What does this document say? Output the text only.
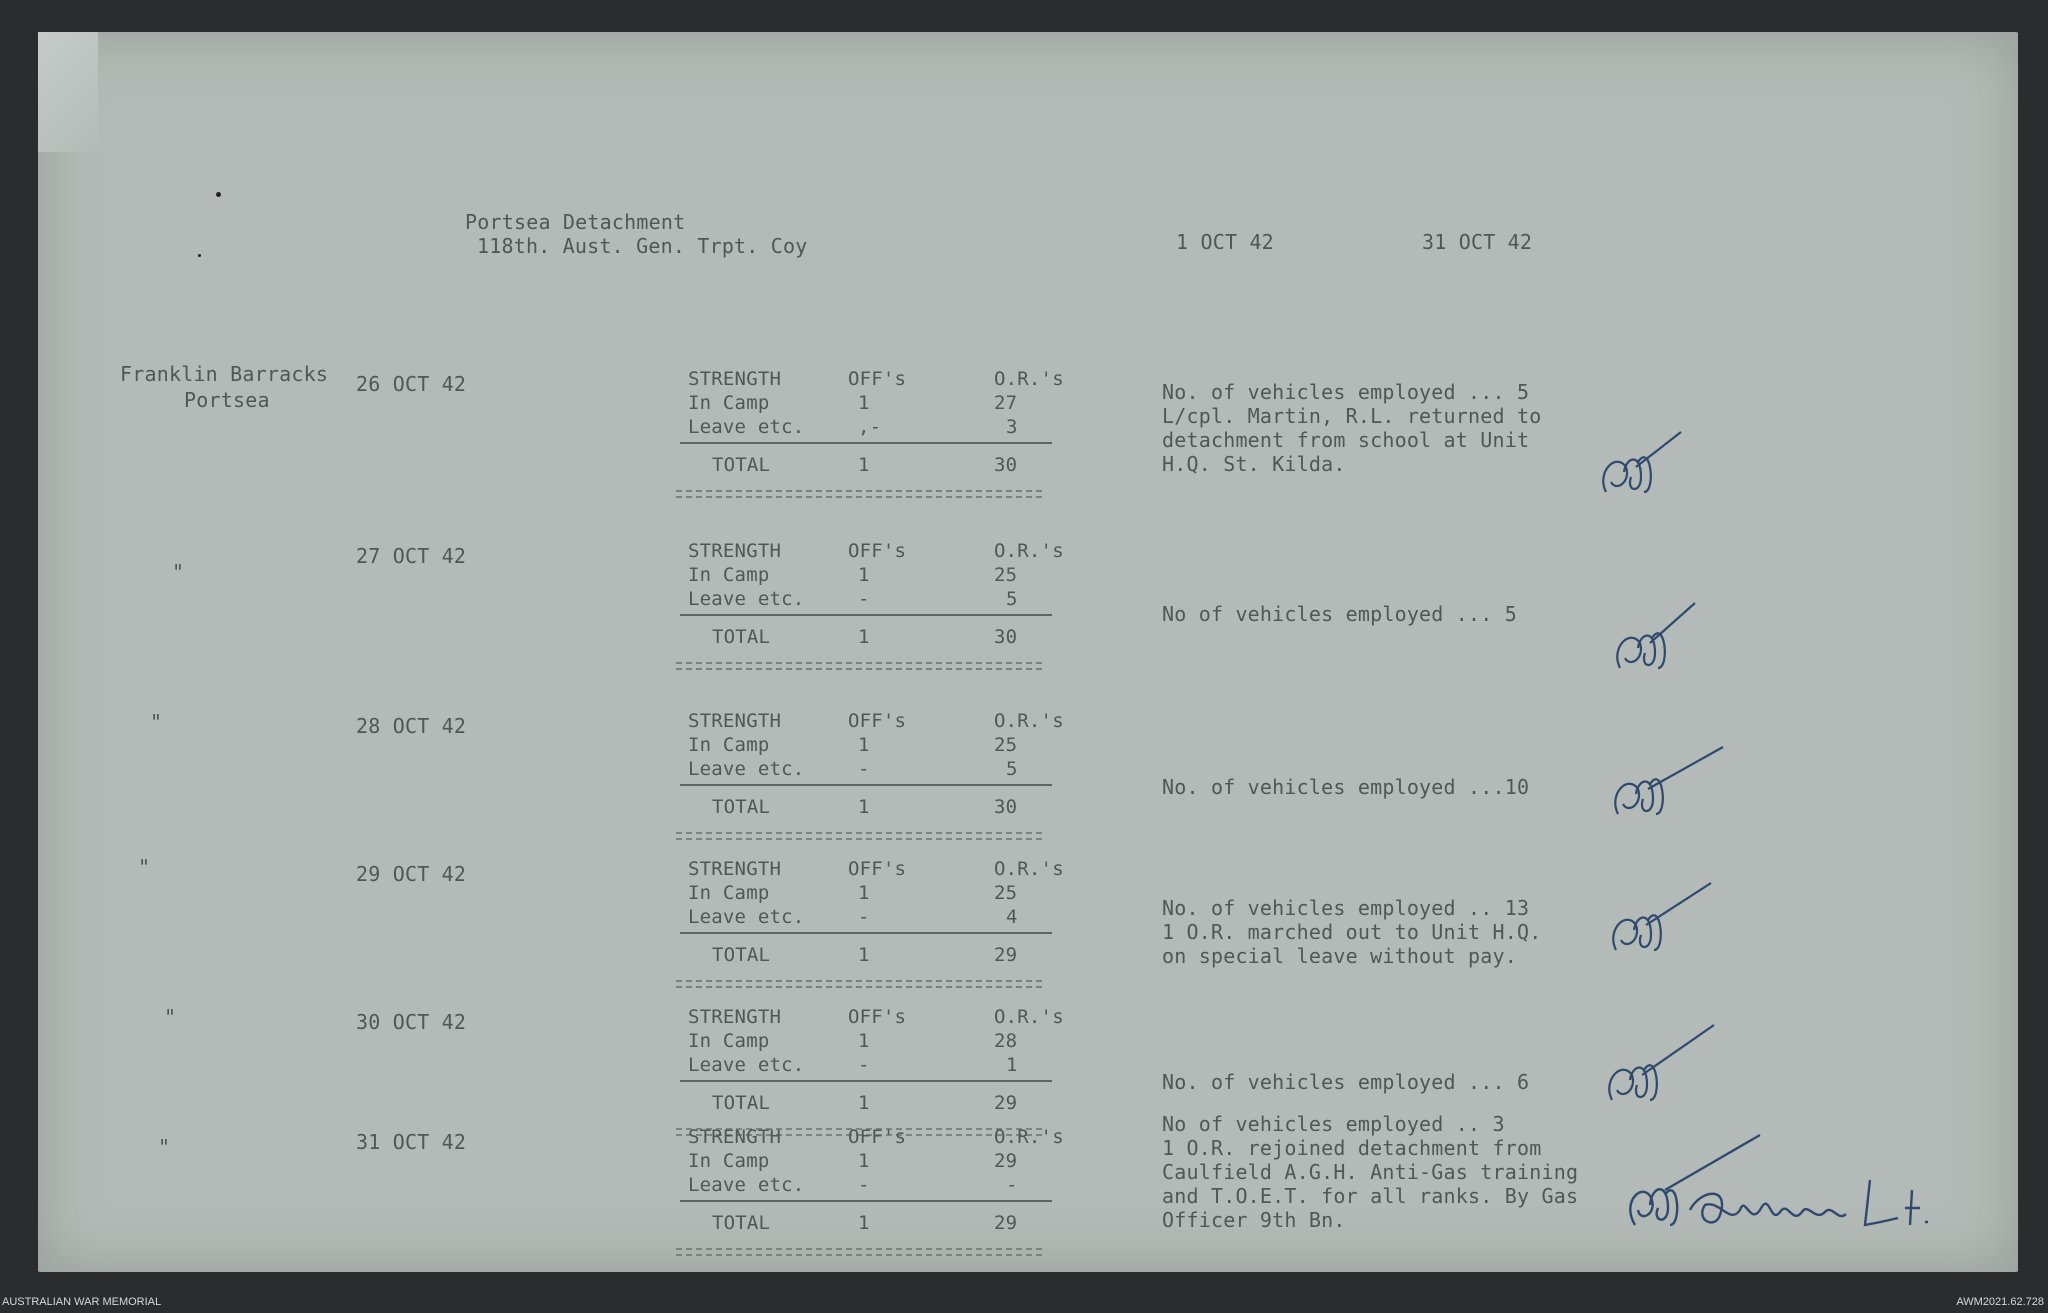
Portsea Detachment
118th. Aust. Gen. Trpt. Coy	1 OCT 42	31 OCT 42
Franklin Barracks
Portsea
26 OCT 42	STRENGTH	OFF's	O.R.'s
In Camp	1	27
Leave etc.	,-	3
TOTAL	1	30
No. of vehicles employed ... 5
L/cpl. Martin, R.L. returned to
detachment from school at Unit
H.Q. St. Kilda.
27 OCT 42
"
STRENGTH	OFF's	O.R.'s
In Camp	1	25
Leave etc.	-	5
TOTAL	1	30
No of vehicles employed ... 5
28 OCT 42
"	STRENGTH	OFF's	O.R.'s
In Camp	1	25
Leave etc.	-	5
TOTAL	1	30
No. of vehicles employed ...10
29 OCT 42
"	STRENGTH	OFF's	O.R.'s
In Camp	1	25
Leave etc.	-	4
TOTAL	1	29
No. of vehicles employed .. 13
1 O.R. marched out to Unit H.Q.
on special leave without pay.
30 OCT 42
"	STRENGTH	OFF's	O.R.'s
In Camp	1	28
Leave etc.	-	1
TOTAL	1	29
No. of vehicles employed ... 6
31 OCT 42
"	STRENGTH	OFF's	O.R.'s
In Camp	1	29
Leave etc.	-	-
TOTAL	1	29
No of vehicles employed .. 3
1 O.R. rejoined detachment from
Caulfield A.G.H. Anti-Gas training
and T.O.E.T. for all ranks. By Gas
Officer 9th Bn.
AUSTRALIAN WAR MEMORIAL	AWM2021.62.728
